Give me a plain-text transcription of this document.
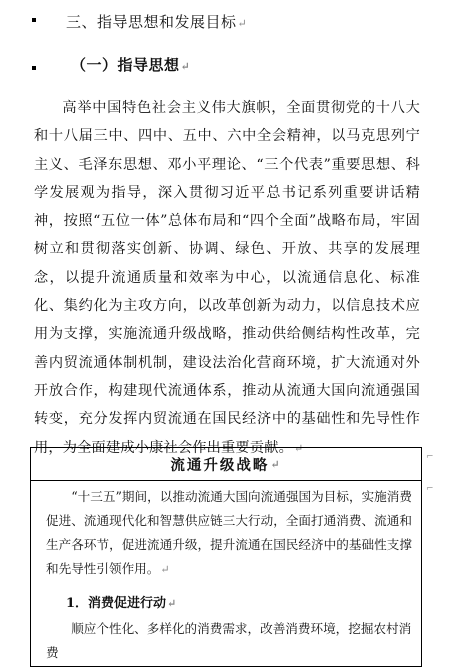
三、指导思想和发展目标↵
（一）指导思想↵
高举中国特色社会主义伟大旗帜，全面贯彻党的十八大和十八届三中、四中、五中、六中全会精神，以马克思列宁主义、毛泽东思想、邓小平理论、“三个代表”重要思想、科学发展观为指导，深入贯彻习近平总书记系列重要讲话精神，按照“五位一体”总体布局和“四个全面”战略布局，牢固树立和贯彻落实创新、协调、绿色、开放、共享的发展理念，以提升流通质量和效率为中心，以流通信息化、标准化、集约化为主攻方向，以改革创新为动力，以信息技术应用为支撑，实施流通升级战略，推动供给侧结构性改革，完善内贸流通体制机制，建设法治化营商环境，扩大流通对外开放合作，构建现代流通体系，推动从流通大国向流通强国转变，充分发挥内贸流通在国民经济中的基础性和先导性作用，为全面建成小康社会作出重要贡献。↵
⌐
⌐
流通升级战略 ↵
“十三五”期间，以推动流通大国向流通强国为目标，实施消费促进、流通现代化和智慧供应链三大行动，全面打通消费、流通和生产各环节，促进流通升级，提升流通在国民经济中的基础性支撑和先导性引领作用。↵
1．消费促进行动↵
顺应个性化、多样化的消费需求，改善消费环境，挖掘农村消费
